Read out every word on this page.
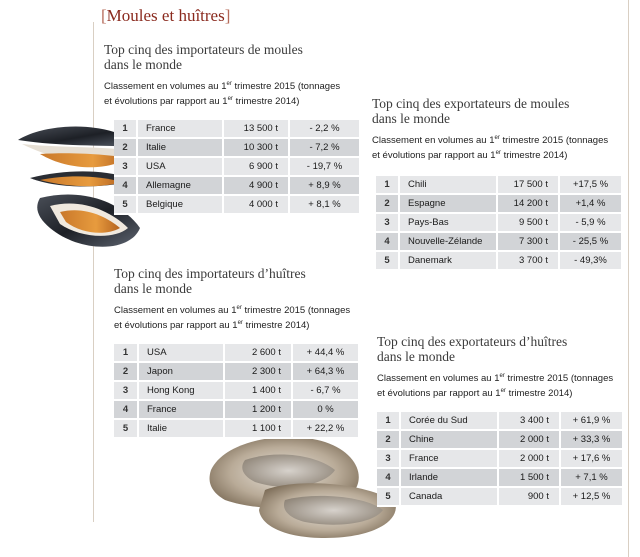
[Moules et huîtres]
Top cinq des importateurs de moules
dans le monde
Classement en volumes au 1er trimestre 2015 (tonnages
et évolutions par rapport au 1er trimestre 2014)
1	France	13 500 t	- 2,2 %
2	Italie	10 300 t	- 7,2 %
3	USA	6 900 t	- 19,7 %
4	Allemagne	4 900 t	+ 8,9 %
5	Belgique	4 000 t	+ 8,1 %
Top cinq des exportateurs de moules
dans le monde
Classement en volumes au 1er trimestre 2015 (tonnages
et évolutions par rapport au 1er trimestre 2014)
1	Chili	17 500 t	+17,5 %
2	Espagne	14 200 t	+1,4 %
3	Pays-Bas	9 500 t	- 5,9 %
4	Nouvelle-Zélande	7 300 t	- 25,5 %
5	Danemark	3 700 t	- 49,3%
Top cinq des importateurs d’huîtres
dans le monde
Classement en volumes au 1er trimestre 2015 (tonnages
et évolutions par rapport au 1er trimestre 2014)
1	USA	2 600 t	+ 44,4 %
2	Japon	2 300 t	+ 64,3 %
3	Hong Kong	1 400 t	- 6,7 %
4	France	1 200 t	0 %
5	Italie	1 100 t	+ 22,2 %
Top cinq des exportateurs d’huîtres
dans le monde
Classement en volumes au 1er trimestre 2015 (tonnages
et évolutions par rapport au 1er trimestre 2014)
1	Corée du Sud	3 400 t	+ 61,9 %
2	Chine	2 000 t	+ 33,3 %
3	France	2 000 t	+ 17,6 %
4	Irlande	1 500 t	+ 7,1 %
5	Canada	900 t	+ 12,5 %
